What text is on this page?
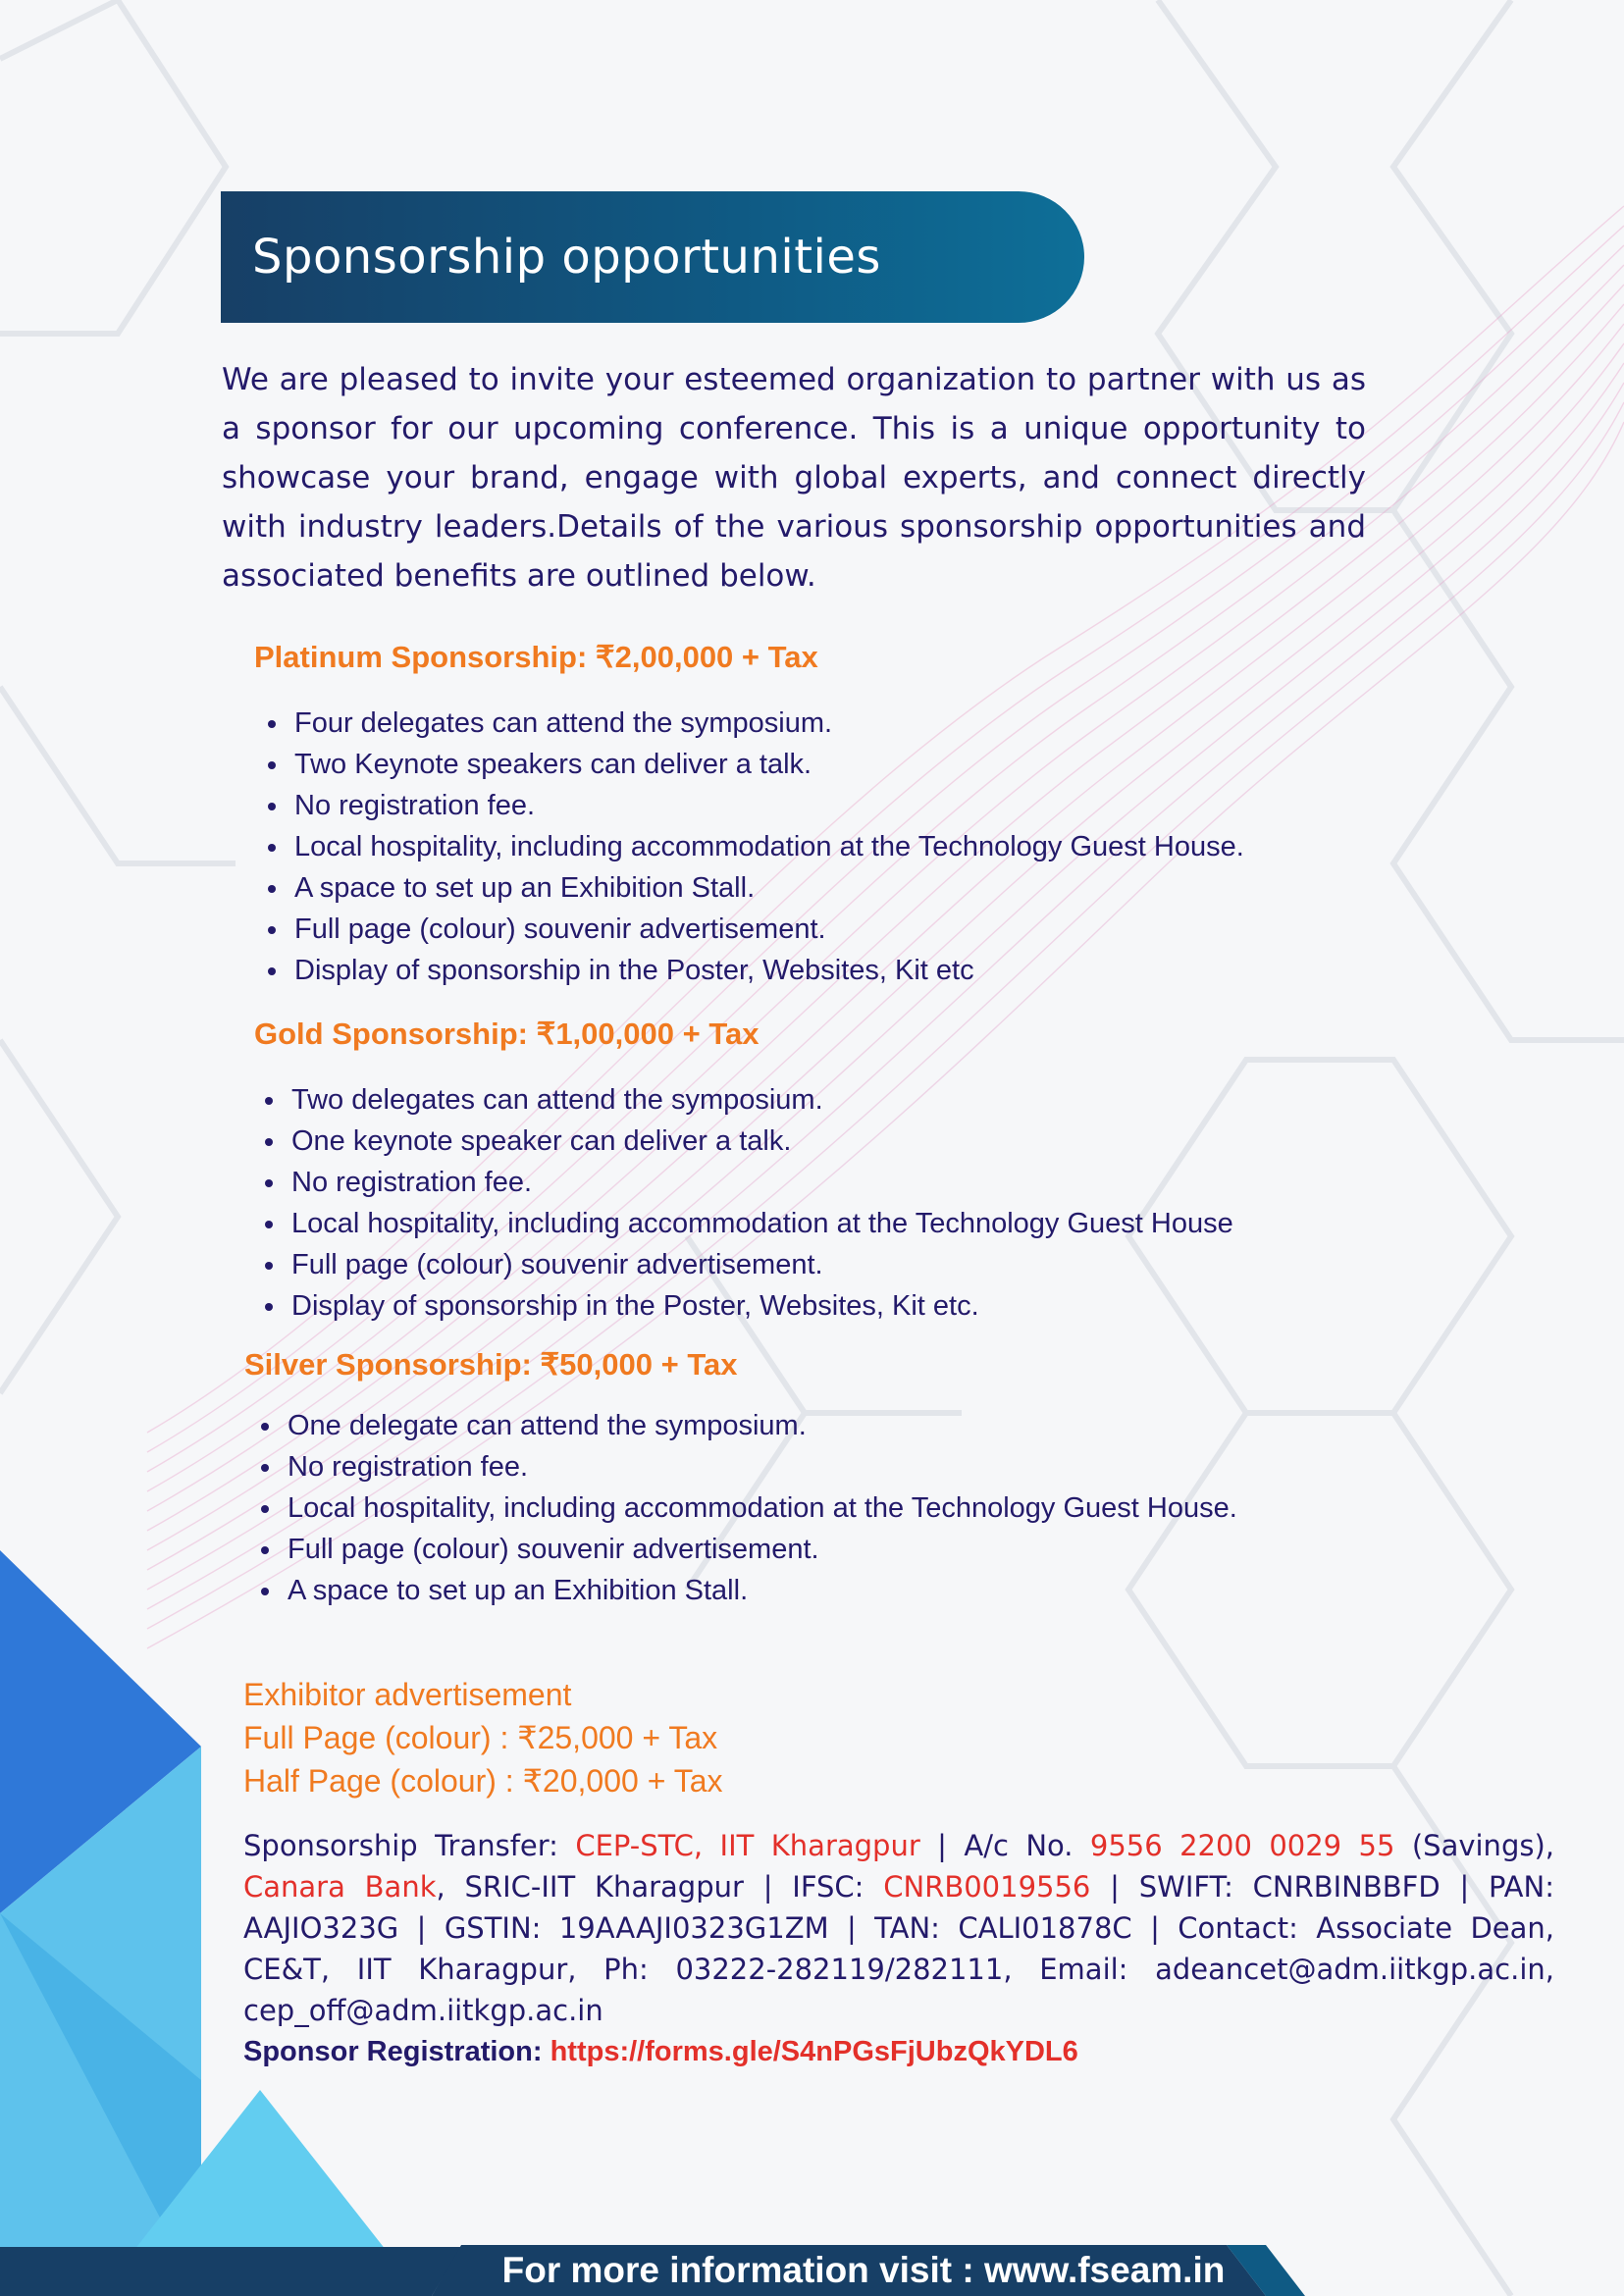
Sponsorship opportunities
We are pleased to invite your esteemed organization to partner with us as a sponsor for our upcoming conference. This is a unique opportunity to showcase your brand, engage with global experts, and connect directly with industry leaders.Details of the various sponsorship opportunities and associated benefits are outlined below.
Platinum Sponsorship: ₹2,00,000 + Tax
• Four delegates can attend the symposium.
• Two Keynote speakers can deliver a talk.
• No registration fee.
• Local hospitality, including accommodation at the Technology Guest House.
• A space to set up an Exhibition Stall.
• Full page (colour) souvenir advertisement.
• Display of sponsorship in the Poster, Websites, Kit etc
Gold Sponsorship: ₹1,00,000 + Tax
• Two delegates can attend the symposium.
• One keynote speaker can deliver a talk.
• No registration fee.
• Local hospitality, including accommodation at the Technology Guest House
• Full page (colour) souvenir advertisement.
• Display of sponsorship in the Poster, Websites, Kit etc.
Silver Sponsorship: ₹50,000 + Tax
• One delegate can attend the symposium.
• No registration fee.
• Local hospitality, including accommodation at the Technology Guest House.
• Full page (colour) souvenir advertisement.
• A space to set up an Exhibition Stall.
Exhibitor advertisement
Full Page (colour) : ₹25,000 + Tax
Half Page (colour) : ₹20,000 + Tax
Sponsorship Transfer: CEP-STC, IIT Kharagpur | A/c No. 9556 2200 0029 55 (Savings), Canara Bank, SRIC-IIT Kharagpur | IFSC: CNRB0019556 | SWIFT: CNRBINBBFD | PAN: AAJIO323G | GSTIN: 19AAAJI0323G1ZM | TAN: CALI01878C | Contact: Associate Dean, CE&T, IIT Kharagpur, Ph: 03222-282119/282111, Email: adeancet@adm.iitkgp.ac.in, cep_off@adm.iitkgp.ac.in
Sponsor Registration: https://forms.gle/S4nPGsFjUbzQkYDL6
For more information visit : www.fseam.in
